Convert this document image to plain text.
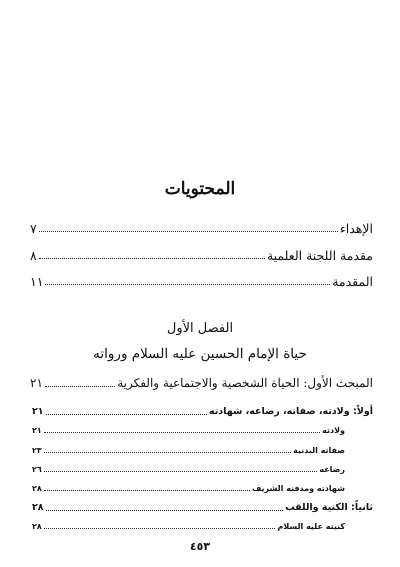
المحتويات
الإهداء
٧
مقدمة اللجنة العلمية
٨
المقدمة
١١
الفصل الأول
حياة الإمام الحسين عليه السلام ورواته
المبحث الأول: الحياة الشخصية والاجتماعية والفكرية
٢١
أولاً: ولادته، صفاته، رضاعه، شهادته
٢١
ولادته
٢١
صفاته البدنية
٢٣
رضاعه
٢٦
شهادته ومدفنه الشريف
٢٨
ثانياً: الكنية واللقب
٢٨
كنيته عليه السلام
٢٨
٤٥٣
